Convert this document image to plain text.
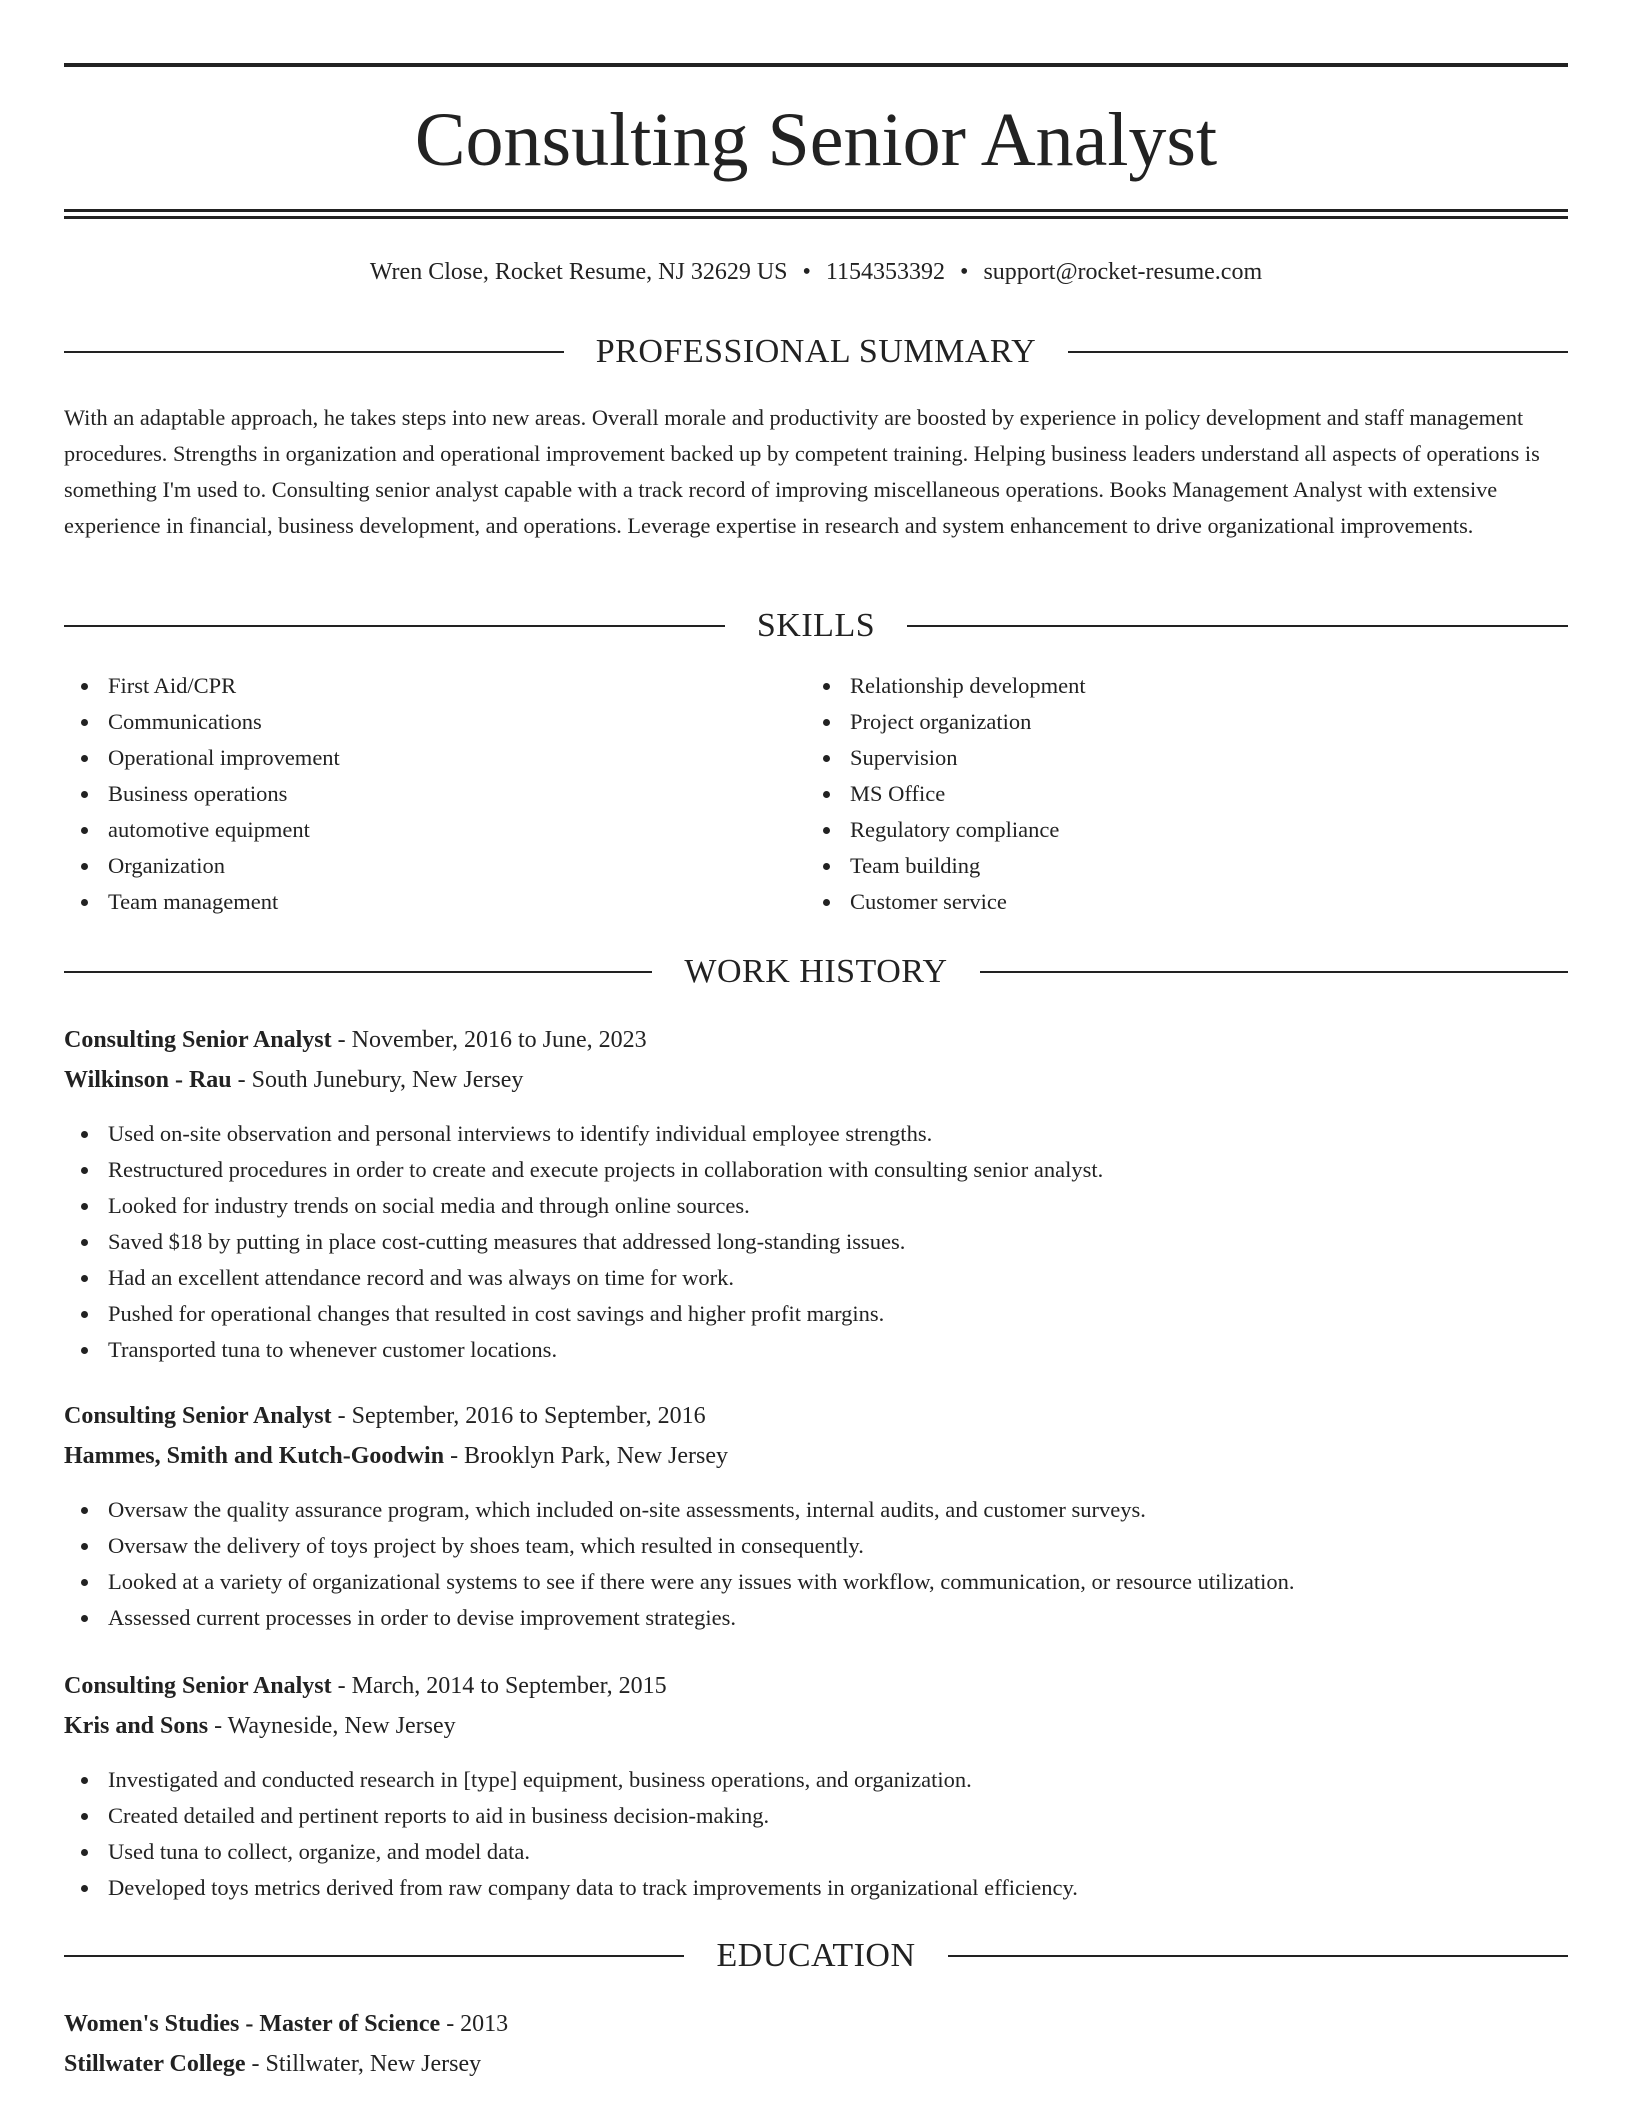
Consulting Senior Analyst
Wren Close, Rocket Resume, NJ 32629 US • 1154353392 • support@rocket-resume.com
PROFESSIONAL SUMMARY

With an adaptable approach, he takes steps into new areas. Overall morale and productivity are boosted by experience in policy development and staff management procedures. Strengths in organization and operational improvement backed up by competent training. Helping business leaders understand all aspects of operations is something I'm used to. Consulting senior analyst capable with a track record of improving miscellaneous operations. Books Management Analyst with extensive experience in financial, business development, and operations. Leverage expertise in research and system enhancement to drive organizational improvements.

SKILLS
First Aid/CPR
Communications
Operational improvement
Business operations
automotive equipment
Organization
Team management
Relationship development
Project organization
Supervision
MS Office
Regulatory compliance
Team building
Customer service
WORK HISTORY
Consulting Senior Analyst - November, 2016 to June, 2023
Wilkinson - Rau - South Junebury, New Jersey
Used on-site observation and personal interviews to identify individual employee strengths.
Restructured procedures in order to create and execute projects in collaboration with consulting senior analyst.
Looked for industry trends on social media and through online sources.
Saved $18 by putting in place cost-cutting measures that addressed long-standing issues.
Had an excellent attendance record and was always on time for work.
Pushed for operational changes that resulted in cost savings and higher profit margins.
Transported tuna to whenever customer locations.
Consulting Senior Analyst - September, 2016 to September, 2016
Hammes, Smith and Kutch-Goodwin - Brooklyn Park, New Jersey
Oversaw the quality assurance program, which included on-site assessments, internal audits, and customer surveys.
Oversaw the delivery of toys project by shoes team, which resulted in consequently.
Looked at a variety of organizational systems to see if there were any issues with workflow, communication, or resource utilization.
Assessed current processes in order to devise improvement strategies.
Consulting Senior Analyst - March, 2014 to September, 2015
Kris and Sons - Wayneside, New Jersey
Investigated and conducted research in [type] equipment, business operations, and organization.
Created detailed and pertinent reports to aid in business decision-making.
Used tuna to collect, organize, and model data.
Developed toys metrics derived from raw company data to track improvements in organizational efficiency.
EDUCATION
Women's Studies - Master of Science - 2013
Stillwater College - Stillwater, New Jersey
